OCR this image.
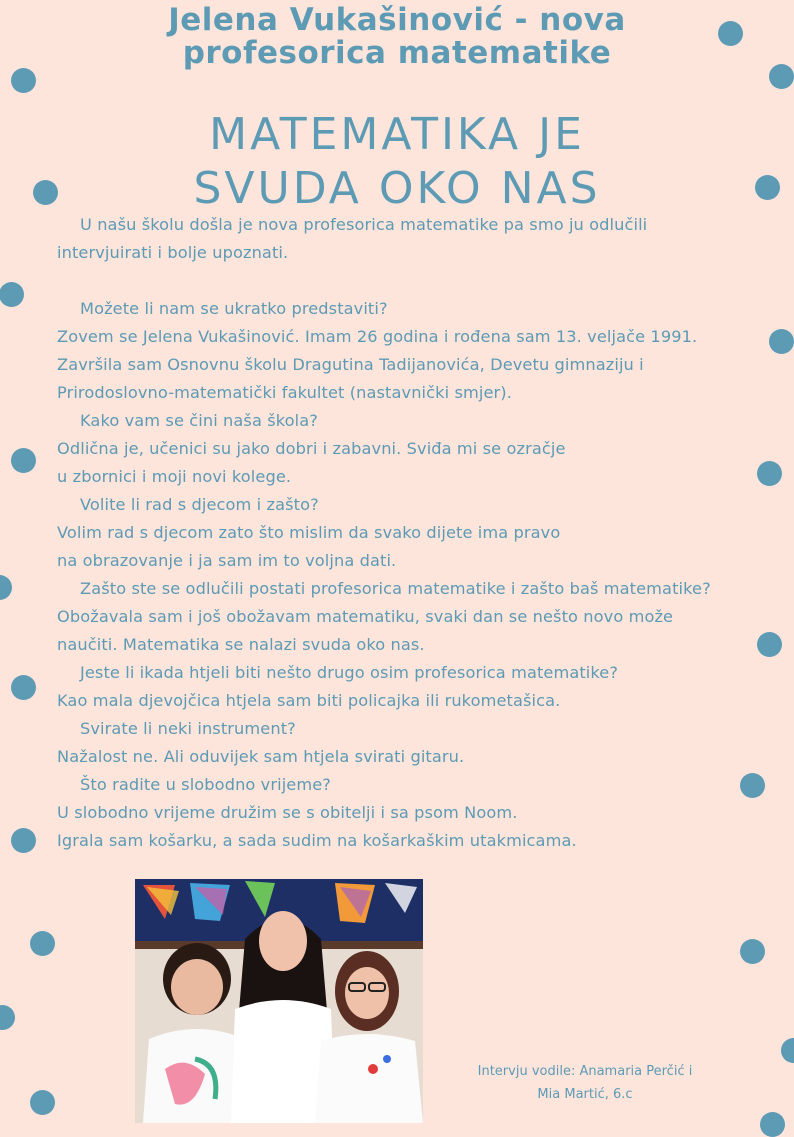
Jelena Vukašinović - nova
profesorica matematike
MATEMATIKA JE
SVUDA OKO NAS

U našu školu došla je nova profesorica matematike pa smo ju odlučili

intervjuirati i bolje upoznati.

Možete li nam se ukratko predstaviti?

Zovem se Jelena Vukašinović. Imam 26 godina i rođena sam 13. veljače 1991.

Završila sam Osnovnu školu Dragutina Tadijanovića, Devetu gimnaziju i

Prirodoslovno-matematički fakultet (nastavnički smjer).

Kako vam se čini naša škola?

Odlična je, učenici su jako dobri i zabavni. Sviđa mi se ozračje

u zbornici i moji novi kolege.

Volite li rad s djecom i zašto?

Volim rad s djecom zato što mislim da svako dijete ima pravo

na obrazovanje i ja sam im to voljna dati.

Zašto ste se odlučili postati profesorica matematike i zašto baš matematike?

Obožavala sam i još obožavam matematiku, svaki dan se nešto novo može

naučiti. Matematika se nalazi svuda oko nas.

Jeste li ikada htjeli biti nešto drugo osim profesorica matematike?

Kao mala djevojčica htjela sam biti policajka ili rukometašica.

Svirate li neki instrument?

Nažalost ne. Ali oduvijek sam htjela svirati gitaru.

Što radite u slobodno vrijeme?

U slobodno vrijeme družim se s obitelji i sa psom Noom.

Igrala sam košarku, a sada sudim na košarkaškim utakmicama.

Intervju vodile: Anamaria Perčić i
Mia Martić, 6.c
